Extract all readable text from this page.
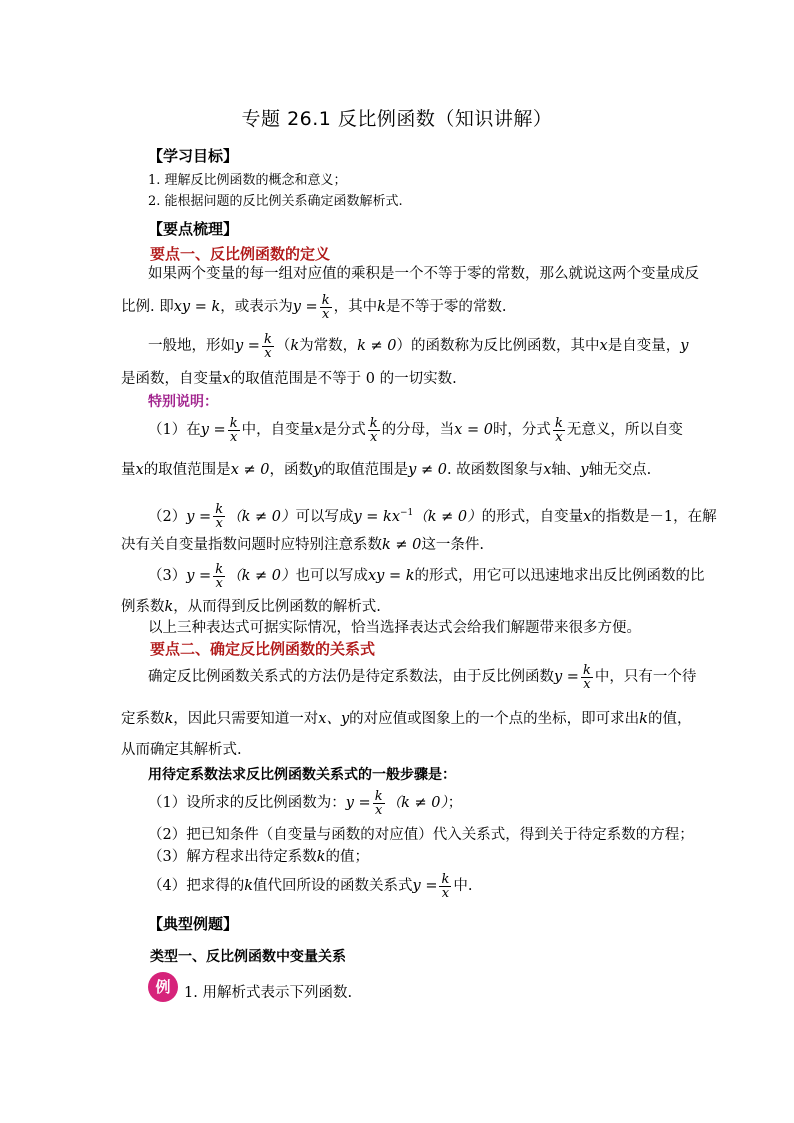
专题 26.1 反比例函数（知识讲解）
【学习目标】
1. 理解反比例函数的概念和意义；
2. 能根据问题的反比例关系确定函数解析式.
【要点梳理】
要点一、反比例函数的定义
如果两个变量的每一组对应值的乘积是一个不等于零的常数，那么就说这两个变量成反
比例. 即xy = k，或表示为$y = \frac{k}{x}$ ，其中k是不等于零的常数.
一般地，形如$y = \frac{k}{x} (k$为常数，k ≠ 0）的函数称为反比例函数，其中x是自变量，y
是函数，自变量x的取值范围是不等于 0 的一切实数.
特别说明：
（1）在$y = \frac{k}{x}$ 中，自变量x是分式 $\frac{k}{x}$ 的分母，当x = 0时，分式 $\frac{k}{x}$ 无意义，所以自变
量x的取值范围是x ≠ 0，函数y的取值范围是y ≠ 0. 故函数图象与x轴、y轴无交点.
$(2)y = \frac{k}{x} (k \ne 0)$可以写成$y = kx^{-1}(k \ne 0)$的形式，自变量x的指数是－1，在解
决有关自变量指数问题时应特别注意系数k ≠ 0这一条件.
$(3)y = \frac{k}{x} (k \ne 0)$也可以写成xy = k的形式，用它可以迅速地求出反比例函数的比
例系数k，从而得到反比例函数的解析式.
以上三种表达式可据实际情况，恰当选择表达式会给我们解题带来很多方便。
要点二、确定反比例函数的关系式
确定反比例函数关系式的方法仍是待定系数法，由于反比例函数$y = \frac{k}{x}$ 中，只有一个待
定系数k，因此只需要知道一对x、y的对应值或图象上的一个点的坐标，即可求出k的值，
从而确定其解析式.
用待定系数法求反比例函数关系式的一般步骤是：
（1）设所求的反比例函数为：$y = \frac{k}{x} (k \ne 0)$；
（2）把已知条件（自变量与函数的对应值）代入关系式，得到关于待定系数的方程；
（3）解方程求出待定系数k的值；
（4）把求得的k值代回所设的函数关系式$y = \frac{k}{x}$ 中.
【典型例题】
类型一、反比例函数中变量关系
例 1. 用解析式表示下列函数.
